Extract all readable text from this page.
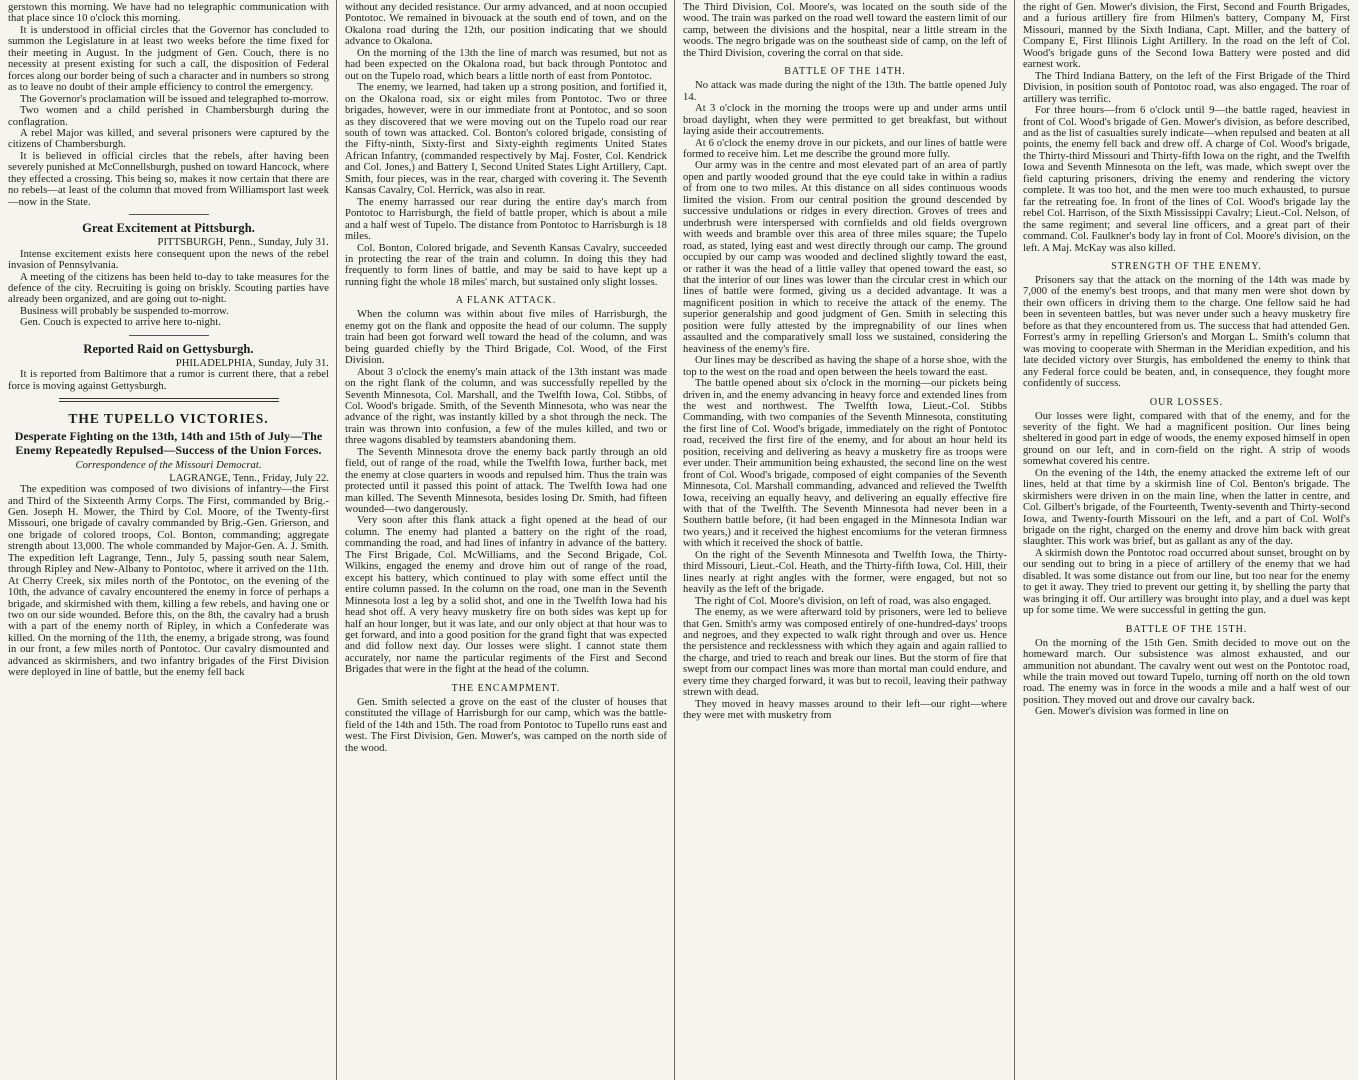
gerstown this morning. We have had no telegraphic communication with that place since 10 o'clock this morning.

It is understood in official circles that the Governor has concluded to summon the Legislature in at least two weeks before the time fixed for their meeting in August. In the judgment of Gen. Couch, there is no necessity at present existing for such a call, the disposition of Federal forces along our border being of such a character and in numbers so strong as to leave no doubt of their ample efficiency to control the emergency.

The Governor's proclamation will be issued and telegraphed to-morrow.

Two women and a child perished in Chambersburgh during the conflagration.

A rebel Major was killed, and several prisoners were captured by the citizens of Chambersburgh.

It is believed in official circles that the rebels, after having been severely punished at McConnellsburgh, pushed on toward Hancock, where they effected a crossing. This being so, makes it now certain that there are no rebels—at least of the column that moved from Williamsport last week—now in the State.

Great Excitement at Pittsburgh.

PITTSBURGH, Penn., Sunday, July 31.

Intense excitement exists here consequent upon the news of the rebel invasion of Pennsylvania.

A meeting of the citizens has been held to-day to take measures for the defence of the city. Recruiting is going on briskly. Scouting parties have already been organized, and are going out to-night.

Business will probably be suspended to-morrow.

Gen. Couch is expected to arrive here to-night.

Reported Raid on Gettysburgh.

PHILADELPHIA, Sunday, July 31.

It is reported from Baltimore that a rumor is current there, that a rebel force is moving against Gettysburgh.

THE TUPELLO VICTORIES.
Desperate Fighting on the 13th, 14th and 15th of July—The Enemy Repeatedly Repulsed—Success of the Union Forces.
Correspondence of the Missouri Democrat.

LAGRANGE, Tenn., Friday, July 22.

The expedition was composed of two divisions of infantry—the First and Third of the Sixteenth Army Corps. The First, commanded by Brig.-Gen. Joseph H. Mower, the Third by Col. Moore, of the Twenty-first Missouri, one brigade of cavalry commanded by Brig.-Gen. Grierson, and one brigade of colored troops, Col. Bonton, commanding; aggregate strength about 13,000. The whole commanded by Major-Gen. A. J. Smith. The expedition left Lagrange, Tenn., July 5, passing south near Salem, through Ripley and New-Albany to Pontotoc, where it arrived on the 11th. At Cherry Creek, six miles north of the Pontotoc, on the evening of the 10th, the advance of cavalry encountered the enemy in force of perhaps a brigade, and skirmished with them, killing a few rebels, and having one or two on our side wounded. Before this, on the 8th, the cavalry had a brush with a part of the enemy north of Ripley, in which a Confederate was killed. On the morning of the 11th, the enemy, a brigade strong, was found in our front, a few miles north of Pontotoc. Our cavalry dismounted and advanced as skirmishers, and two infantry brigades of the First Division were deployed in line of battle, but the enemy fell back

without any decided resistance. Our army advanced, and at noon occupied Pontotoc. We remained in bivouack at the south end of town, and on the Okalona road during the 12th, our position indicating that we should advance to Okalona.

On the morning of the 13th the line of march was resumed, but not as had been expected on the Okalona road, but back through Pontotoc and out on the Tupelo road, which bears a little north of east from Pontotoc.

The enemy, we learned, had taken up a strong position, and fortified it, on the Okalona road, six or eight miles from Pontotoc. Two or three brigades, however, were in our immediate front at Pontotoc, and so soon as they discovered that we were moving out on the Tupelo road our rear south of town was attacked. Col. Bonton's colored brigade, consisting of the Fifty-ninth, Sixty-first and Sixty-eighth regiments United States African Infantry, (commanded respectively by Maj. Foster, Col. Kendrick and Col. Jones,) and Battery I, Second United States Light Artillery, Capt. Smith, four pieces, was in the rear, charged with covering it. The Seventh Kansas Cavalry, Col. Herrick, was also in rear.

The enemy harrassed our rear during the entire day's march from Pontotoc to Harrisburgh, the field of battle proper, which is about a mile and a half west of Tupelo. The distance from Pontotoc to Harrisburgh is 18 miles.

Col. Bonton, Colored brigade, and Seventh Kansas Cavalry, succeeded in protecting the rear of the train and column. In doing this they had frequently to form lines of battle, and may be said to have kept up a running fight the whole 18 miles' march, but sustained only slight losses.

A FLANK ATTACK.

When the column was within about five miles of Harrisburgh, the enemy got on the flank and opposite the head of our column. The supply train had been got forward well toward the head of the column, and was being guarded chiefly by the Third Brigade, Col. Wood, of the First Division.

About 3 o'clock the enemy's main attack of the 13th instant was made on the right flank of the column, and was successfully repelled by the Seventh Minnesota, Col. Marshall, and the Twelfth Iowa, Col. Stibbs, of Col. Wood's brigade. Smith, of the Seventh Minnesota, who was near the advance of the right, was instantly killed by a shot through the neck. The train was thrown into confusion, a few of the mules killed, and two or three wagons disabled by teamsters abandoning them.

The Seventh Minnesota drove the enemy back partly through an old field, out of range of the road, while the Twelfth Iowa, further back, met the enemy at close quarters in woods and repulsed him. Thus the train was protected until it passed this point of attack. The Twelfth Iowa had one man killed. The Seventh Minnesota, besides losing Dr. Smith, had fifteen wounded—two dangerously.

Very soon after this flank attack a fight opened at the head of our column. The enemy had planted a battery on the right of the road, commanding the road, and had lines of infantry in advance of the battery. The First Brigade, Col. McWilliams, and the Second Brigade, Col. Wilkins, engaged the enemy and drove him out of range of the road, except his battery, which continued to play with some effect until the entire column passed. In the column on the road, one man in the Seventh Minnesota lost a leg by a solid shot, and one in the Twelfth Iowa had his head shot off. A very heavy musketry fire on both sides was kept up for half an hour longer, but it was late, and our only object at that hour was to get forward, and into a good position for the grand fight that was expected and did follow next day. Our losses were slight. I cannot state them accurately, nor name the particular regiments of the First and Second Brigades that were in the fight at the head of the column.

THE ENCAMPMENT.

Gen. Smith selected a grove on the east of the cluster of houses that constituted the village of Harrisburgh for our camp, which was the battle-field of the 14th and 15th. The road from Pontotoc to Tupello runs east and west. The First Division, Gen. Mower's, was camped on the north side of the wood.

The Third Division, Col. Moore's, was located on the south side of the wood. The train was parked on the road well toward the eastern limit of our camp, between the divisions and the hospital, near a little stream in the woods. The negro brigade was on the southeast side of camp, on the left of the Third Division, covering the corral on that side.

BATTLE OF THE 14TH.

No attack was made during the night of the 13th. The battle opened July 14.

At 3 o'clock in the morning the troops were up and under arms until broad daylight, when they were permitted to get breakfast, but without laying aside their accoutrements.

At 6 o'clock the enemy drove in our pickets, and our lines of battle were formed to receive him. Let me describe the ground more fully.

Our army was in the centre and most elevated part of an area of partly open and partly wooded ground that the eye could take in within a radius of from one to two miles. At this distance on all sides continuous woods limited the vision. From our central position the ground descended by successive undulations or ridges in every direction. Groves of trees and underbrush were interspersed with cornfields and old fields overgrown with weeds and bramble over this area of three miles square; the Tupelo road, as stated, lying east and west directly through our camp. The ground occupied by our camp was wooded and declined slightly toward the east, or rather it was the head of a little valley that opened toward the east, so that the interior of our lines was lower than the circular crest in which our lines of battle were formed, giving us a decided advantage. It was a magnificent position in which to receive the attack of the enemy. The superior generalship and good judgment of Gen. Smith in selecting this position were fully attested by the impregnability of our lines when assaulted and the comparatively small loss we sustained, considering the heaviness of the enemy's fire.

Our lines may be described as having the shape of a horse shoe, with the top to the west on the road and open between the heels toward the east.

The battle opened about six o'clock in the morning—our pickets being driven in, and the enemy advancing in heavy force and extended lines from the west and northwest. The Twelfth Iowa, Lieut.-Col. Stibbs Commanding, with two companies of the Seventh Minnesota, constituting the first line of Col. Wood's brigade, immediately on the right of Pontotoc road, received the first fire of the enemy, and for about an hour held its position, receiving and delivering as heavy a musketry fire as troops were ever under. Their ammunition being exhausted, the second line on the west front of Col. Wood's brigade, composed of eight companies of the Seventh Minnesota, Col. Marshall commanding, advanced and relieved the Twelfth Iowa, receiving an equally heavy, and delivering an equally effective fire with that of the Twelfth. The Seventh Minnesota had never been in a Southern battle before, (it had been engaged in the Minnesota Indian war two years,) and it received the highest encomiums for the veteran firmness with which it received the shock of battle.

On the right of the Seventh Minnesota and Twelfth Iowa, the Thirty-third Missouri, Lieut.-Col. Heath, and the Thirty-fifth Iowa, Col. Hill, their lines nearly at right angles with the former, were engaged, but not so heavily as the left of the brigade.

The right of Col. Moore's division, on left of road, was also engaged.

The enemy, as we were afterward told by prisoners, were led to believe that Gen. Smith's army was composed entirely of one-hundred-days' troops and negroes, and they expected to walk right through and over us. Hence the persistence and recklessness with which they again and again rallied to the charge, and tried to reach and break our lines. But the storm of fire that swept from our compact lines was more than mortal man could endure, and every time they charged forward, it was but to recoil, leaving their pathway strewn with dead.

They moved in heavy masses around to their left—our right—where they were met with musketry from

the right of Gen. Mower's division, the First, Second and Fourth Brigades, and a furious artillery fire from Hilmen's battery, Company M, First Missouri, manned by the Sixth Indiana, Capt. Miller, and the battery of Company E, First Illinois Light Artillery. In the road on the left of Col. Wood's brigade guns of the Second Iowa Battery were posted and did earnest work.

The Third Indiana Battery, on the left of the First Brigade of the Third Division, in position south of Pontotoc road, was also engaged. The roar of artillery was terrific.

For three hours—from 6 o'clock until 9—the battle raged, heaviest in front of Col. Wood's brigade of Gen. Mower's division, as before described, and as the list of casualties surely indicate—when repulsed and beaten at all points, the enemy fell back and drew off. A charge of Col. Wood's brigade, the Thirty-third Missouri and Thirty-fifth Iowa on the right, and the Twelfth Iowa and Seventh Minnesota on the left, was made, which swept over the field capturing prisoners, driving the enemy and rendering the victory complete. It was too hot, and the men were too much exhausted, to pursue far the retreating foe. In front of the lines of Col. Wood's brigade lay the rebel Col. Harrison, of the Sixth Mississippi Cavalry; Lieut.-Col. Nelson, of the same regiment; and several line officers, and a great part of their command. Col. Faulkner's body lay in front of Col. Moore's division, on the left. A Maj. McKay was also killed.

STRENGTH OF THE ENEMY.

Prisoners say that the attack on the morning of the 14th was made by 7,000 of the enemy's best troops, and that many men were shot down by their own officers in driving them to the charge. One fellow said he had been in seventeen battles, but was never under such a heavy musketry fire before as that they encountered from us. The success that had attended Gen. Forrest's army in repelling Grierson's and Morgan L. Smith's column that was moving to cooperate with Sherman in the Meridian expedition, and his late decided victory over Sturgis, has emboldened the enemy to think that any Federal force could be beaten, and, in consequence, they fought more confidently of success.

OUR LOSSES.

Our losses were light, compared with that of the enemy, and for the severity of the fight. We had a magnificent position. Our lines being sheltered in good part in edge of woods, the enemy exposed himself in open ground on our left, and in corn-field on the right. A strip of woods somewhat covered his centre.

On the evening of the 14th, the enemy attacked the extreme left of our lines, held at that time by a skirmish line of Col. Benton's brigade. The skirmishers were driven in on the main line, when the latter in centre, and Col. Gilbert's brigade, of the Fourteenth, Twenty-seventh and Thirty-second Iowa, and Twenty-fourth Missouri on the left, and a part of Col. Wolf's brigade on the right, charged on the enemy and drove him back with great slaughter. This work was brief, but as gallant as any of the day.

A skirmish down the Pontotoc road occurred about sunset, brought on by our sending out to bring in a piece of artillery of the enemy that we had disabled. It was some distance out from our line, but too near for the enemy to get it away. They tried to prevent our getting it, by shelling the party that was bringing it off. Our artillery was brought into play, and a duel was kept up for some time. We were successful in getting the gun.

BATTLE OF THE 15TH.

On the morning of the 15th Gen. Smith decided to move out on the homeward march. Our subsistence was almost exhausted, and our ammunition not abundant. The cavalry went out west on the Pontotoc road, while the train moved out toward Tupelo, turning off north on the old town road. The enemy was in force in the woods a mile and a half west of our position. They moved out and drove our cavalry back.

Gen. Mower's division was formed in line on
